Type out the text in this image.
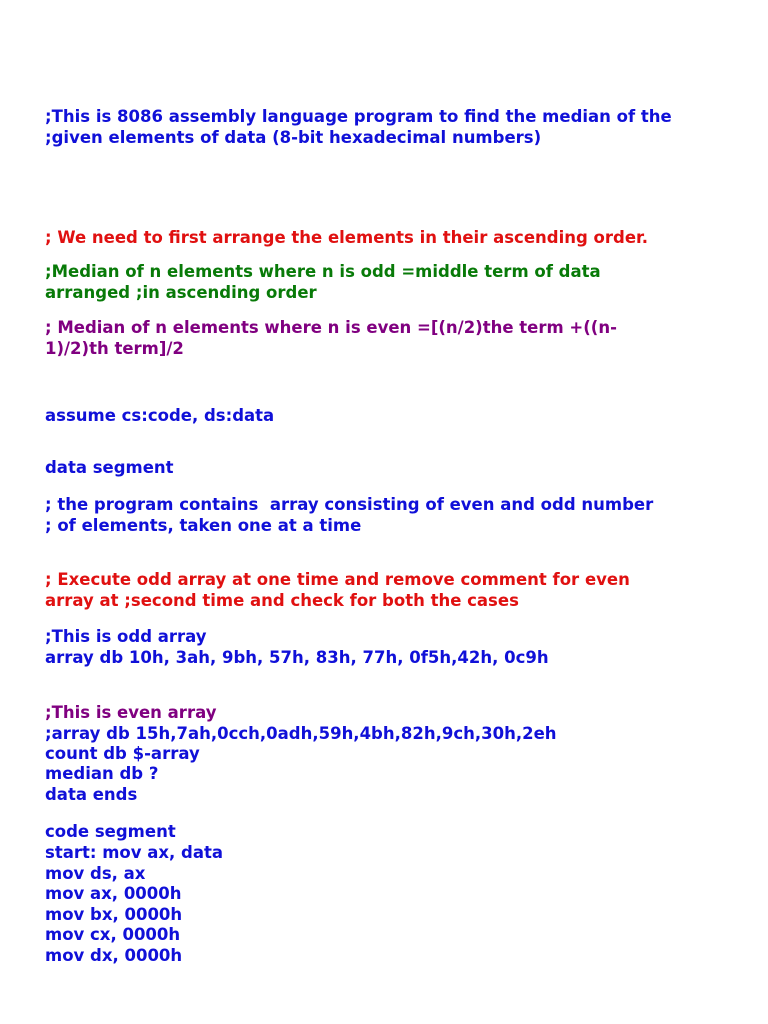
;This is 8086 assembly language program to find the median of the

;given elements of data (8-bit hexadecimal numbers)

; We need to first arrange the elements in their ascending order.

;Median of n elements where n is odd =middle term of data

arranged ;in ascending order

; Median of n elements where n is even =[(n/2)the term +((n-

1)/2)th term]/2

assume cs:code, ds:data

data segment

; the program contains  array consisting of even and odd number

; of elements, taken one at a time

; Execute odd array at one time and remove comment for even

array at ;second time and check for both the cases

;This is odd array

array db 10h, 3ah, 9bh, 57h, 83h, 77h, 0f5h,42h, 0c9h

;This is even array

;array db 15h,7ah,0cch,0adh,59h,4bh,82h,9ch,30h,2eh

count db $-array

median db ?

data ends

code segment

start: mov ax, data

mov ds, ax

mov ax, 0000h

mov bx, 0000h

mov cx, 0000h

mov dx, 0000h
